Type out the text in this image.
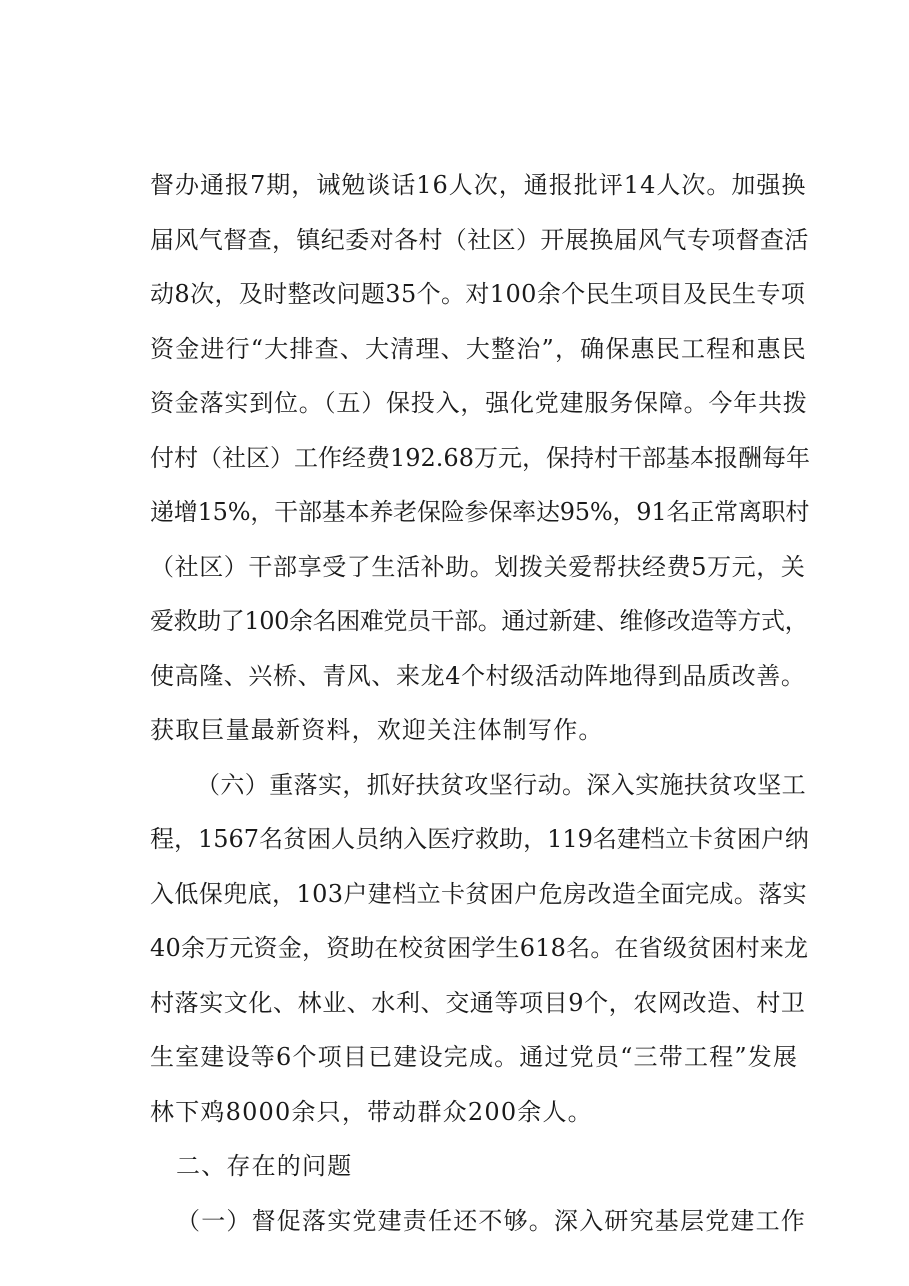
督办通报7期，诫勉谈话16人次，通报批评14人次。加强换
届风气督查，镇纪委对各村（社区）开展换届风气专项督查活
动8次，及时整改问题35个。对100余个民生项目及民生专项
资金进行“大排查、大清理、大整治”，确保惠民工程和惠民
资金落实到位。（五）保投入，强化党建服务保障。今年共拨
付村（社区）工作经费192.68万元，保持村干部基本报酬每年
递增15%，干部基本养老保险参保率达95%，91名正常离职村
（社区）干部享受了生活补助。划拨关爱帮扶经费5万元，关
爱救助了100余名困难党员干部。通过新建、维修改造等方式，
使高隆、兴桥、青风、来龙4个村级活动阵地得到品质改善。
获取巨量最新资料，欢迎关注体制写作。
（六）重落实，抓好扶贫攻坚行动。深入实施扶贫攻坚工
程，1567名贫困人员纳入医疗救助，119名建档立卡贫困户纳
入低保兜底，103户建档立卡贫困户危房改造全面完成。落实
40余万元资金，资助在校贫困学生618名。在省级贫困村来龙
村落实文化、林业、水利、交通等项目9个，农网改造、村卫
生室建设等6个项目已建设完成。通过党员“三带工程”发展
林下鸡8000余只，带动群众200余人。
二、存在的问题
（一）督促落实党建责任还不够。深入研究基层党建工作
